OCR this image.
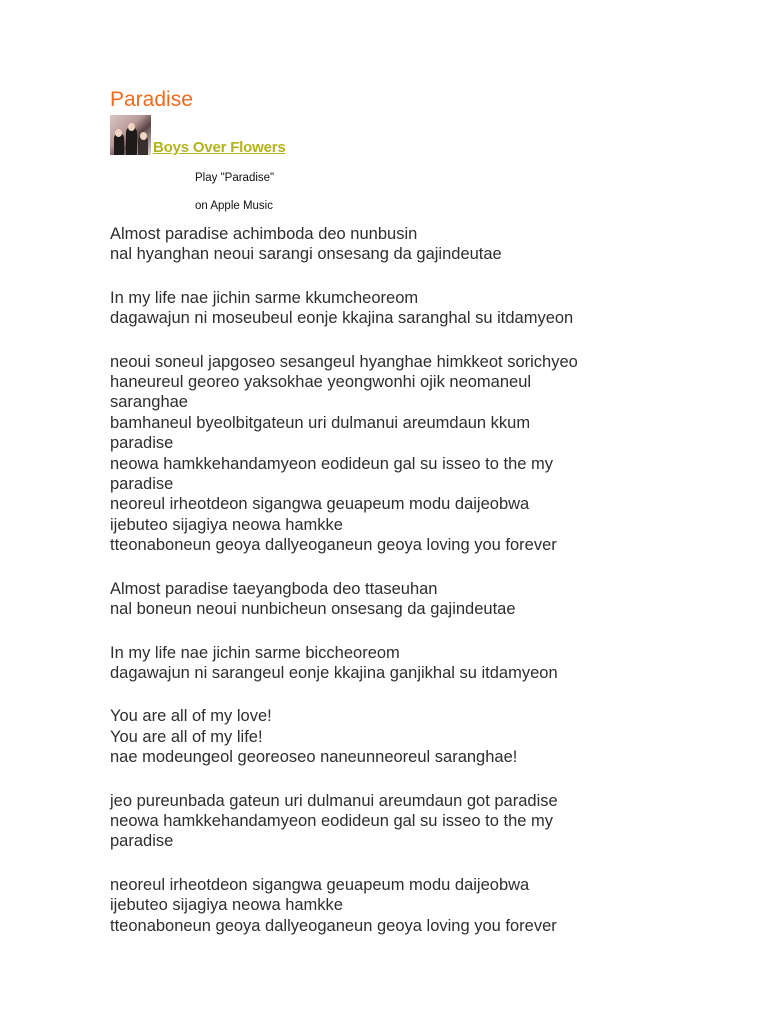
Paradise
Boys Over Flowers
Play "Paradise"
on Apple Music
Almost paradise achimboda deo nunbusin
nal hyanghan neoui sarangi onsesang da gajindeutae
In my life nae jichin sarme kkumcheoreom
dagawajun ni moseubeul eonje kkajina saranghal su itdamyeon
neoui soneul japgoseo sesangeul hyanghae himkkeot sorichyeo
haneureul georeo yaksokhae yeongwonhi ojik neomaneul
saranghae
bamhaneul byeolbitgateun uri dulmanui areumdaun kkum
paradise
neowa hamkkehandamyeon eodideun gal su isseo to the my
paradise
neoreul irheotdeon sigangwa geuapeum modu daijeobwa
ijebuteo sijagiya neowa hamkke
tteonaboneun geoya dallyeoganeun geoya loving you forever
Almost paradise taeyangboda deo ttaseuhan
nal boneun neoui nunbicheun onsesang da gajindeutae
In my life nae jichin sarme biccheoreom
dagawajun ni sarangeul eonje kkajina ganjikhal su itdamyeon
You are all of my love!
You are all of my life!
nae modeungeol georeoseo naneunneoreul saranghae!
jeo pureunbada gateun uri dulmanui areumdaun got paradise
neowa hamkkehandamyeon eodideun gal su isseo to the my
paradise
neoreul irheotdeon sigangwa geuapeum modu daijeobwa
ijebuteo sijagiya neowa hamkke
tteonaboneun geoya dallyeoganeun geoya loving you forever
